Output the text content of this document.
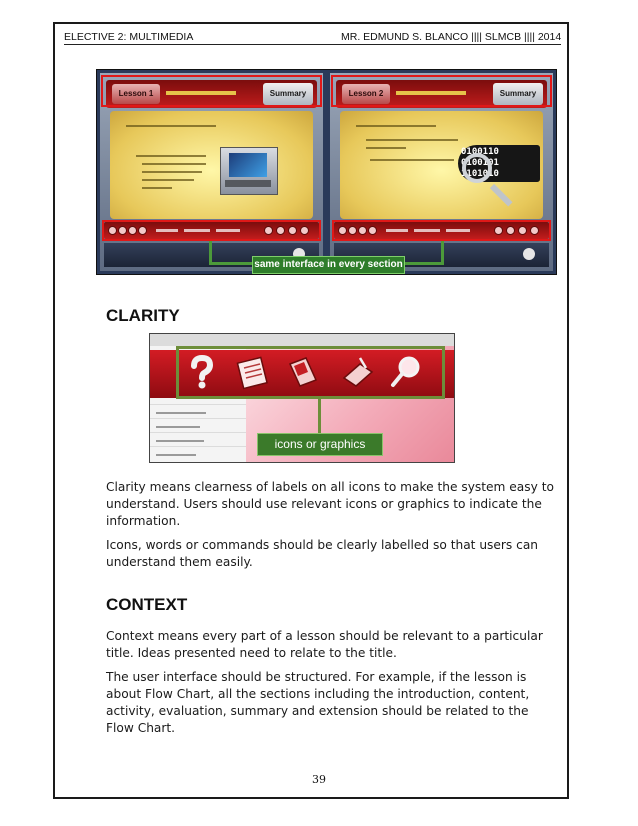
ELECTIVE 2: MULTIMEDIA	MR. EDMUND S. BLANCO |||| SLMCB |||| 2014
Lesson 1	Summary	Lesson 2	Summary
0100110
0100101
1101010
same interface in every section
CLARITY
icons or graphics

Clarity means clearness of labels on all icons to make the system easy to understand. Users should use relevant icons or graphics to indicate the information.

Icons, words or commands should be clearly labelled so that users can understand them easily.

CONTEXT

Context means every part of a lesson should be relevant to a particular title. Ideas presented need to relate to the title.

The user interface should be structured. For example, if the lesson is about Flow Chart, all the sections including the introduction, content, activity, evaluation, summary and extension should be related to the Flow Chart.

39
